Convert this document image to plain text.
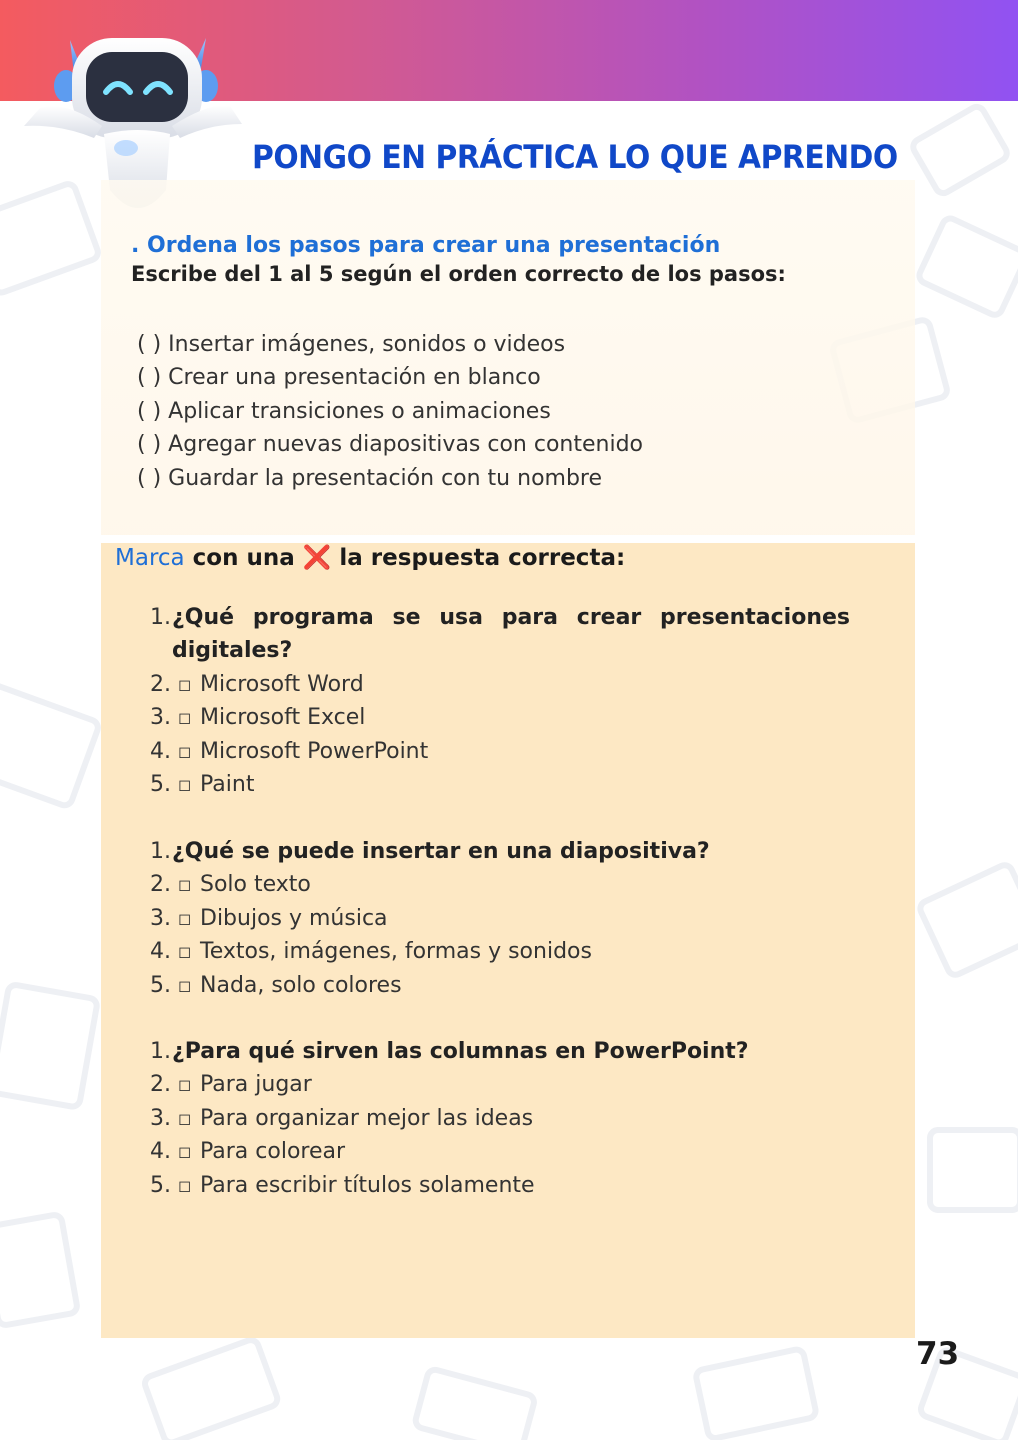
PONGO EN PRÁCTICA LO QUE APRENDO
. Ordena los pasos para crear una presentación
Escribe del 1 al 5 según el orden correcto de los pasos:
( ) Insertar imágenes, sonidos o videos
( ) Crear una presentación en blanco
( ) Aplicar transiciones o animaciones
( ) Agregar nuevas diapositivas con contenido
( ) Guardar la presentación con tu nombre
Marca con una ❌ la respuesta correcta:
1. ¿Qué programa se usa para crear presentaciones
digitales?
2. ◻ Microsoft Word
3. ◻ Microsoft Excel
4. ◻ Microsoft PowerPoint
5. ◻ Paint
1. ¿Qué se puede insertar en una diapositiva?
2. ◻ Solo texto
3. ◻ Dibujos y música
4. ◻ Textos, imágenes, formas y sonidos
5. ◻ Nada, solo colores
1. ¿Para qué sirven las columnas en PowerPoint?
2. ◻ Para jugar
3. ◻ Para organizar mejor las ideas
4. ◻ Para colorear
5. ◻ Para escribir títulos solamente
73
